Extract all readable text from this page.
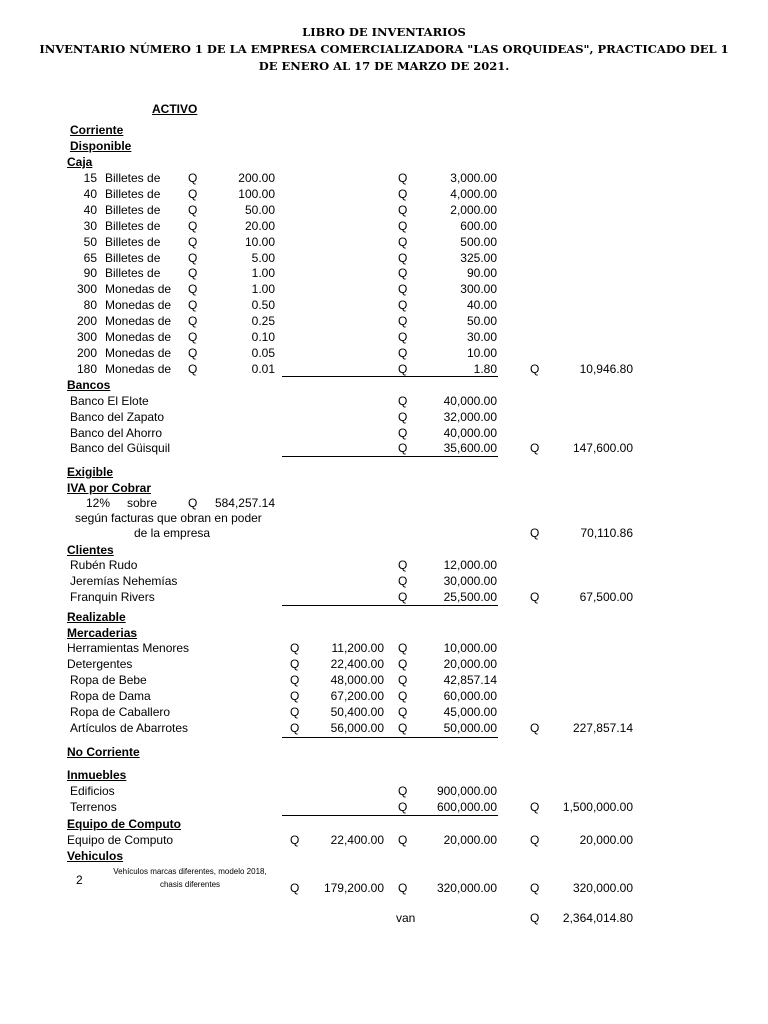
LIBRO DE INVENTARIOS
INVENTARIO NÚMERO 1 DE LA EMPRESA COMERCIALIZADORA "LAS ORQUIDEAS", PRACTICADO DEL 1
DE ENERO AL 17 DE MARZO DE 2021.
ACTIVO
Corriente
Disponible
Caja
15 Billetes de Q	200.00	Q	3,000.00
40 Billetes de Q	100.00	Q	4,000.00
40 Billetes de Q	50.00	Q	2,000.00
30 Billetes de Q	20.00	Q	600.00
50 Billetes de Q	10.00	Q	500.00
65 Billetes de Q	5.00	Q	325.00
90 Billetes de Q	1.00	Q	90.00
300 Monedas de Q	1.00	Q	300.00
80 Monedas de Q	0.50	Q	40.00
200 Monedas de Q	0.25	Q	50.00
300 Monedas de Q	0.10	Q	30.00
200 Monedas de Q	0.05	Q	10.00
180 Monedas de Q	0.01	Q	1.80	Q	10,946.80
Bancos
Banco El Elote	Q	40,000.00
Banco del Zapato	Q	32,000.00
Banco del Ahorro	Q	40,000.00
Banco del Güisquil	Q	35,600.00	Q	147,600.00
Exigible
IVA por Cobrar
12% sobre	Q	584,257.14
según facturas que obran en poder
de la empresa	Q	70,110.86
Clientes
Rubén Rudo	Q	12,000.00
Jeremías Nehemías	Q	30,000.00
Franquin Rivers	Q	25,500.00	Q	67,500.00
Realizable
Mercaderias
Herramientas Menores	Q	11,200.00 Q	10,000.00
Detergentes	Q	22,400.00 Q	20,000.00
Ropa de Bebe	Q	48,000.00 Q	42,857.14
Ropa de Dama	Q	67,200.00 Q	60,000.00
Ropa de Caballero	Q	50,400.00 Q	45,000.00
Artículos de Abarrotes	Q	56,000.00 Q	50,000.00	Q	227,857.14
No Corriente
Inmuebles
Edificios	Q	900,000.00
Terrenos	Q	600,000.00	Q	1,500,000.00
Equipo de Computo
Equipo de Computo	Q	22,400.00 Q	20,000.00	Q	20,000.00
Vehiculos
2
Vehículos marcas diferentes, modelo 2018,
chasis diferentes	Q	179,200.00 Q	320,000.00	Q	320,000.00
van	Q	2,364,014.80
